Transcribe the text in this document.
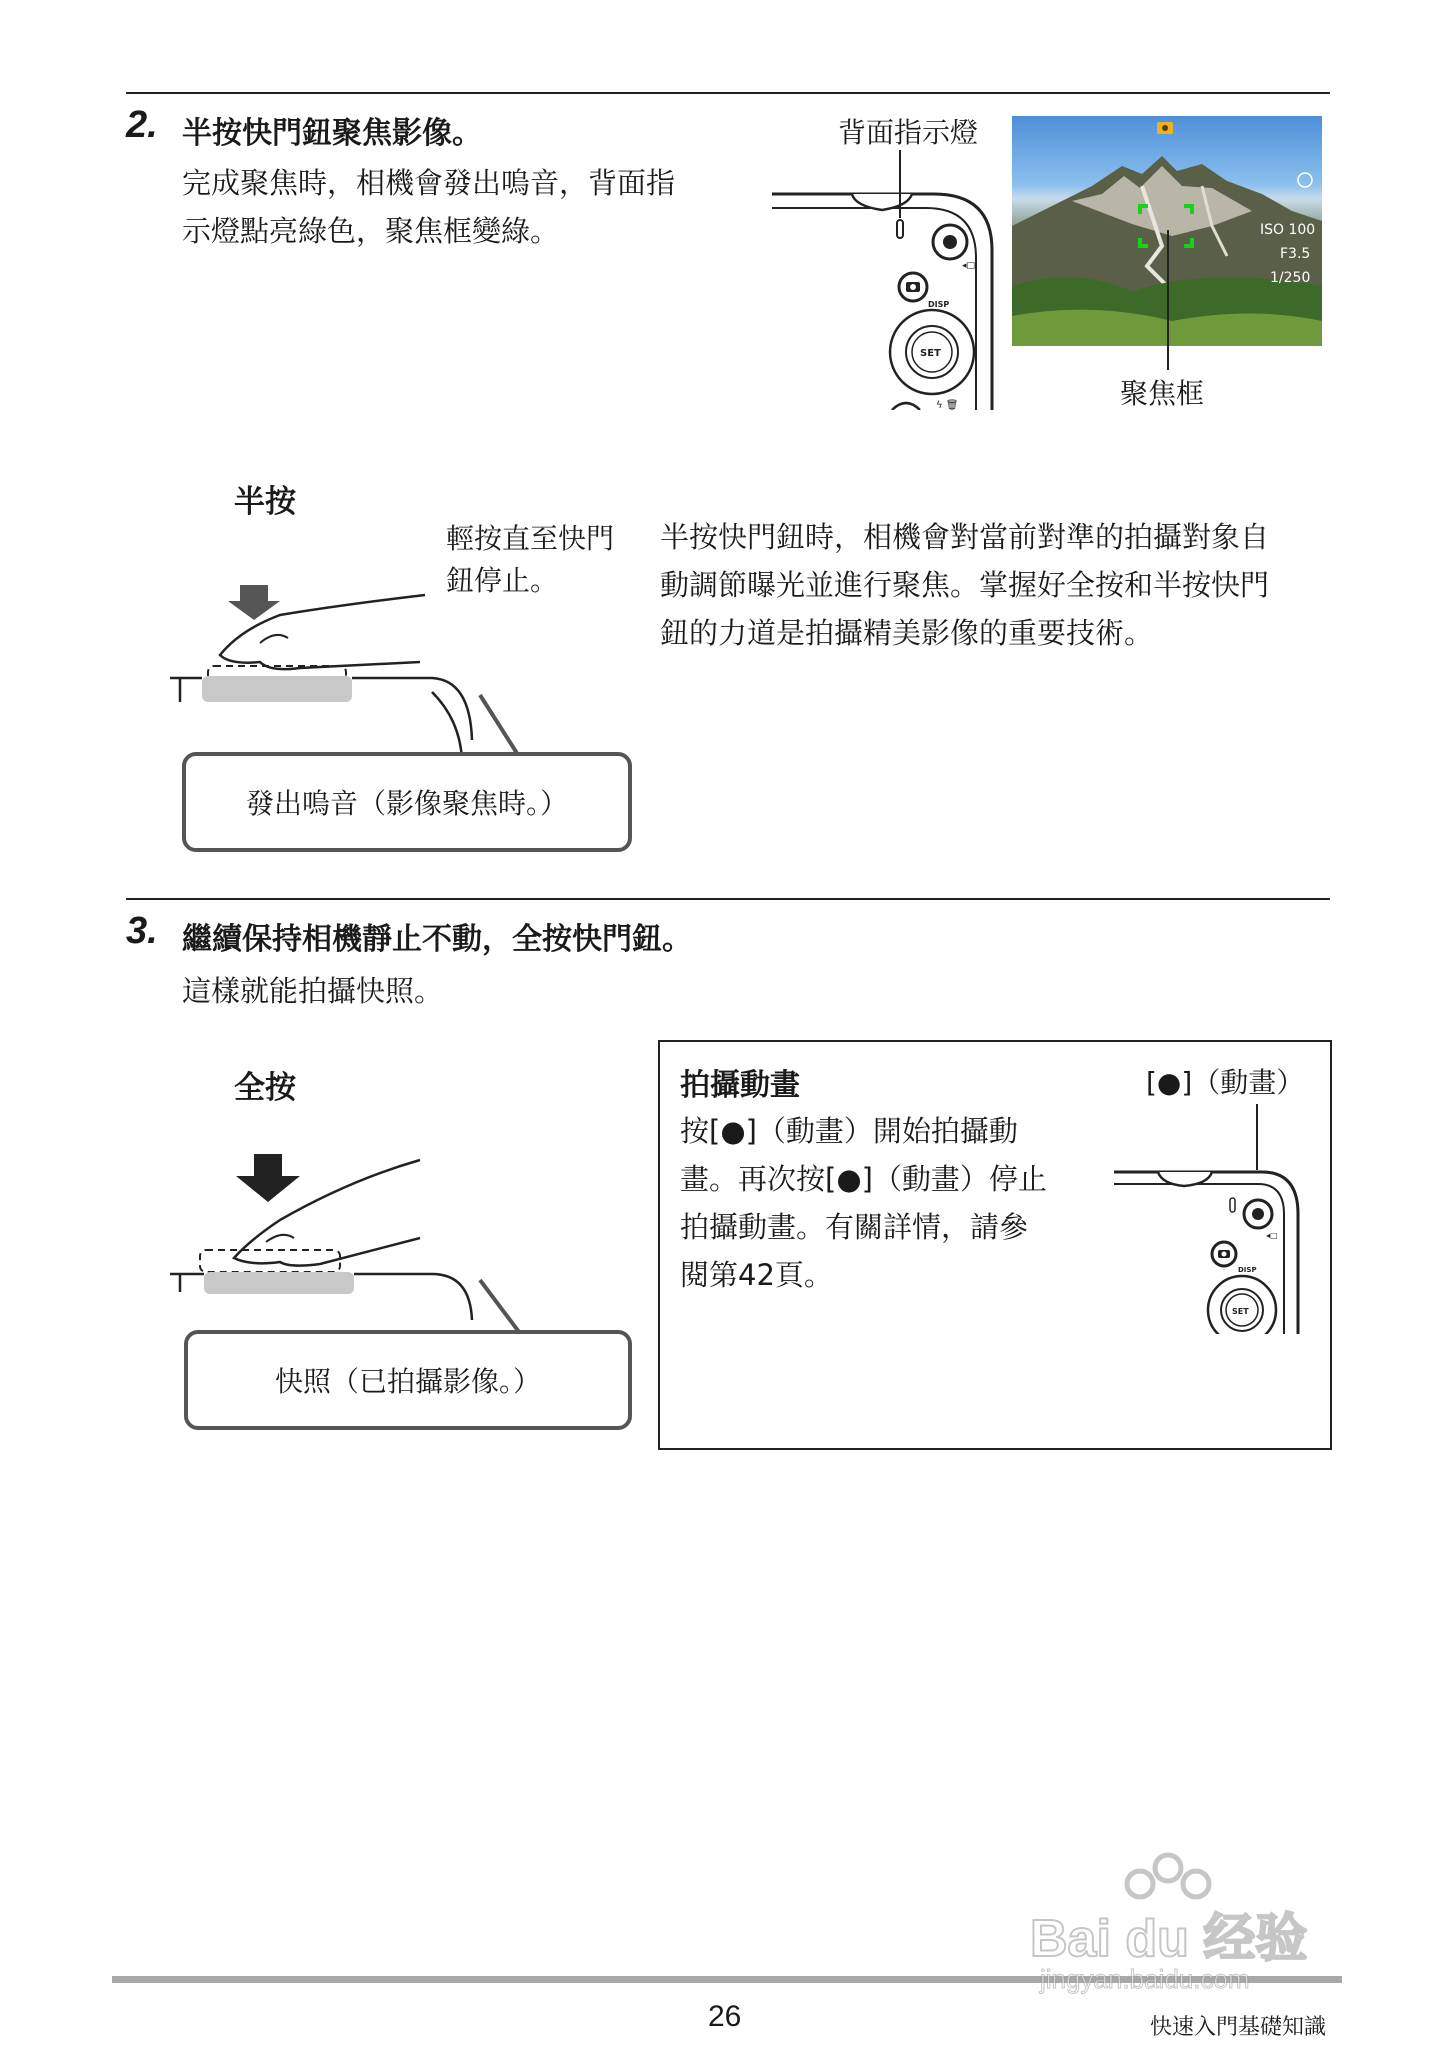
2. 半按快門鈕聚焦影像。
完成聚焦時，相機會發出嗚音，背面指
示燈點亮綠色，聚焦框變綠。
背面指示燈
◂□
DISP
SET
ϟ 🗑
ISO 100
F3.5
1/250
聚焦框
半按
輕按直至快門
鈕停止。
發出嗚音（影像聚焦時。）
半按快門鈕時，相機會對當前對準的拍攝對象自
動調節曝光並進行聚焦。掌握好全按和半按快門
鈕的力道是拍攝精美影像的重要技術。
3. 繼續保持相機靜止不動，全按快門鈕。
這樣就能拍攝快照。
全按
快照（已拍攝影像。）
拍攝動畫	[●]（動畫）
按[●]（動畫）開始拍攝動
畫。再次按[●]（動畫）停止
拍攝動畫。有關詳情，請參
閱第42頁。
◂□
DISP
SET
26	快速入門基礎知識
Bai du 经验
jingyan.baidu.com
